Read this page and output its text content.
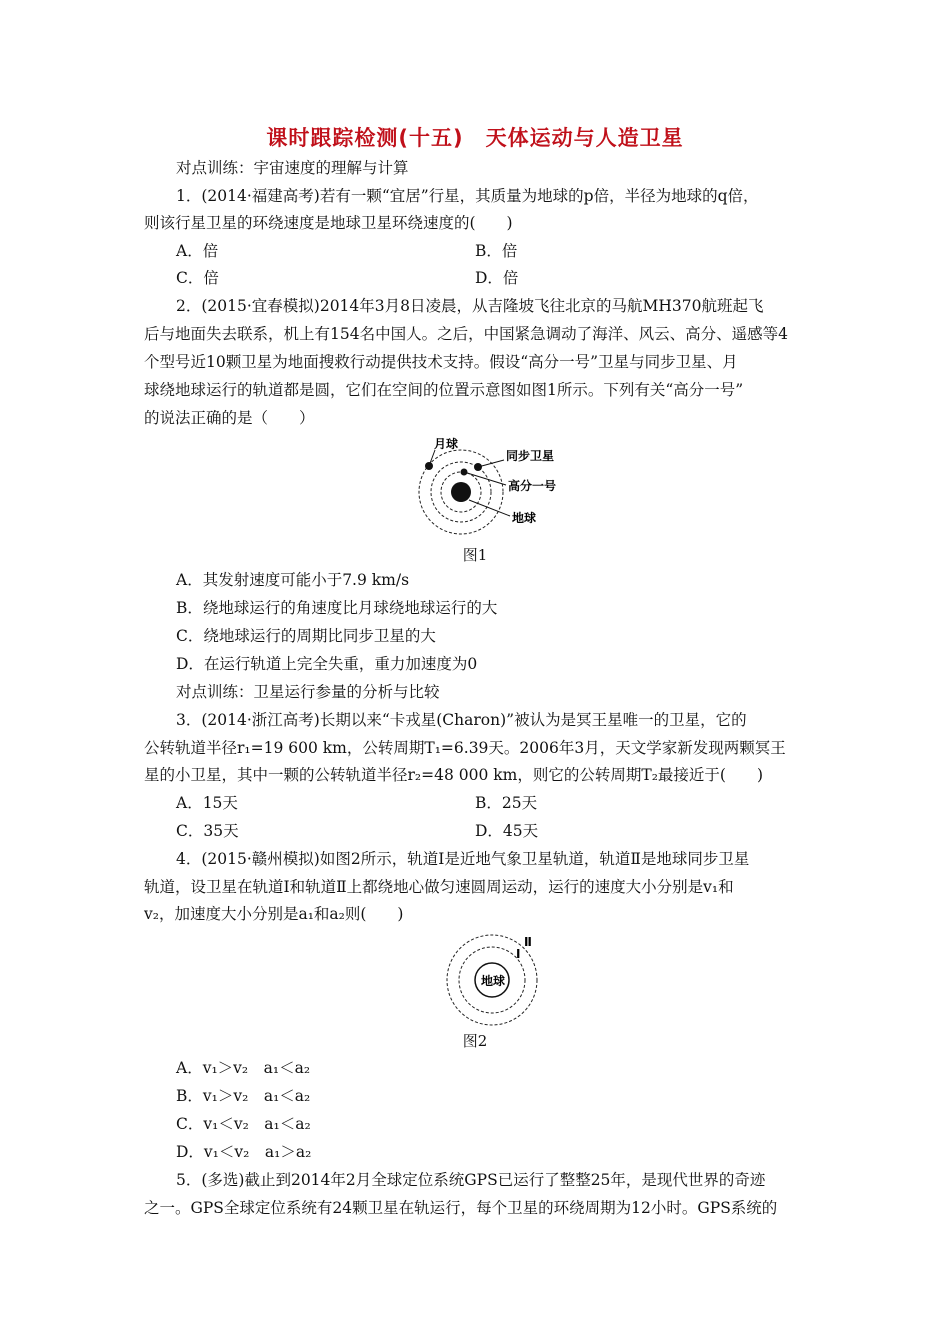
课时跟踪检测(十五)　天体运动与人造卫星
对点训练：宇宙速度的理解与计算
1．(2014·福建高考)若有一颗“宜居”行星，其质量为地球的p倍，半径为地球的q倍，
则该行星卫星的环绕速度是地球卫星环绕速度的(　　)
A．倍	B．倍
C．倍	D．倍
2．(2015·宜春模拟)2014年3月8日凌晨，从吉隆坡飞往北京的马航MH370航班起飞
后与地面失去联系，机上有154名中国人。之后，中国紧急调动了海洋、风云、高分、遥感等4
个型号近10颗卫星为地面搜救行动提供技术支持。假设“高分一号”卫星与同步卫星、月
球绕地球运行的轨道都是圆，它们在空间的位置示意图如图1所示。下列有关“高分一号”
的说法正确的是（　　）
月球
同步卫星
高分一号
地球
图1
A．其发射速度可能小于7.9 km/s
B．绕地球运行的角速度比月球绕地球运行的大
C．绕地球运行的周期比同步卫星的大
D．在运行轨道上完全失重，重力加速度为0
对点训练：卫星运行参量的分析与比较
3．(2014·浙江高考)长期以来“卡戎星(Charon)”被认为是冥王星唯一的卫星，它的
公转轨道半径r₁=19 600 km，公转周期T₁=6.39天。2006年3月，天文学家新发现两颗冥王
星的小卫星，其中一颗的公转轨道半径r₂=48 000 km，则它的公转周期T₂最接近于(　　)
A．15天	B．25天
C．35天	D．45天
4．(2015·赣州模拟)如图2所示，轨道Ⅰ是近地气象卫星轨道，轨道Ⅱ是地球同步卫星
轨道，设卫星在轨道Ⅰ和轨道Ⅱ上都绕地心做匀速圆周运动，运行的速度大小分别是v₁和
v₂，加速度大小分别是a₁和a₂则(　　)
地球
Ⅰ
Ⅱ
图2
A．v₁＞v₂　a₁＜a₂
B．v₁＞v₂　a₁＜a₂
C．v₁＜v₂　a₁＜a₂
D．v₁＜v₂　a₁＞a₂
5．(多选)截止到2014年2月全球定位系统GPS已运行了整整25年，是现代世界的奇迹
之一。GPS全球定位系统有24颗卫星在轨运行，每个卫星的环绕周期为12小时。GPS系统的
